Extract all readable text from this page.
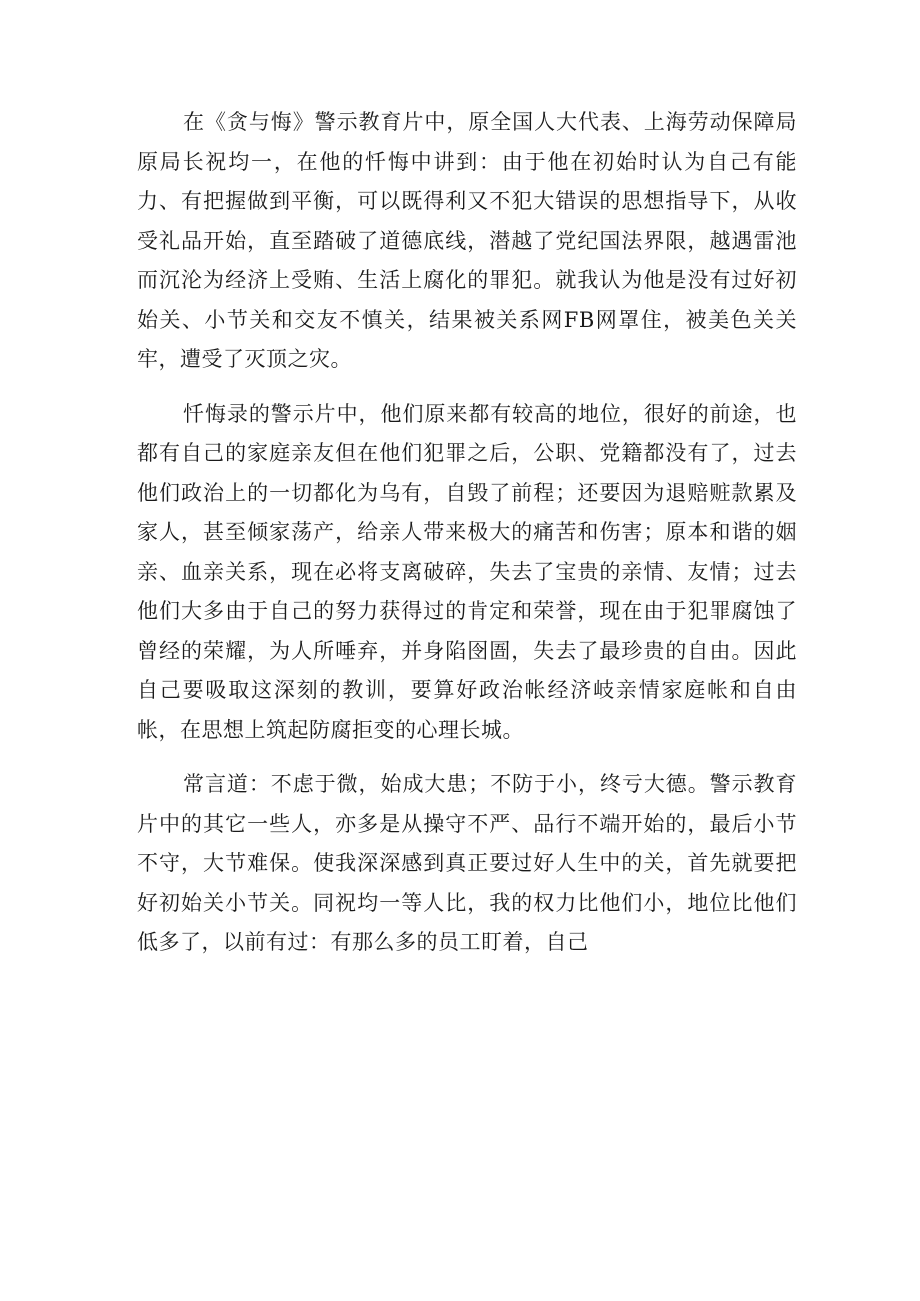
在《贪与悔》警示教育片中，原全国人大代表、上海劳动保障局原局长祝均一，在他的忏悔中讲到：由于他在初始时认为自己有能力、有把握做到平衡，可以既得利又不犯大错误的思想指导下，从收受礼品开始，直至踏破了道德底线，潜越了党纪国法界限，越遇雷池而沉沦为经济上受贿、生活上腐化的罪犯。就我认为他是没有过好初始关、小节关和交友不慎关，结果被关系网FB网罩住，被美色关关牢，遭受了灭顶之灾。

忏悔录的警示片中，他们原来都有较高的地位，很好的前途，也都有自己的家庭亲友但在他们犯罪之后，公职、党籍都没有了，过去他们政治上的一切都化为乌有，自毁了前程；还要因为退赔赃款累及家人，甚至倾家荡产，给亲人带来极大的痛苦和伤害；原本和谐的姻亲、血亲关系，现在必将支离破碎，失去了宝贵的亲情、友情；过去他们大多由于自己的努力获得过的肯定和荣誉，现在由于犯罪腐蚀了曾经的荣耀，为人所唾弃，并身陷囹圄，失去了最珍贵的自由。因此自己要吸取这深刻的教训，要算好政治帐经济岐亲情家庭帐和自由帐，在思想上筑起防腐拒变的心理长城。

常言道：不虑于微，始成大患；不防于小，终亏大德。警示教育片中的其它一些人，亦多是从操守不严、品行不端开始的，最后小节不守，大节难保。使我深深感到真正要过好人生中的关，首先就要把好初始关小节关。同祝均一等人比，我的权力比他们小，地位比他们低多了，以前有过：有那么多的员工盯着，自己
